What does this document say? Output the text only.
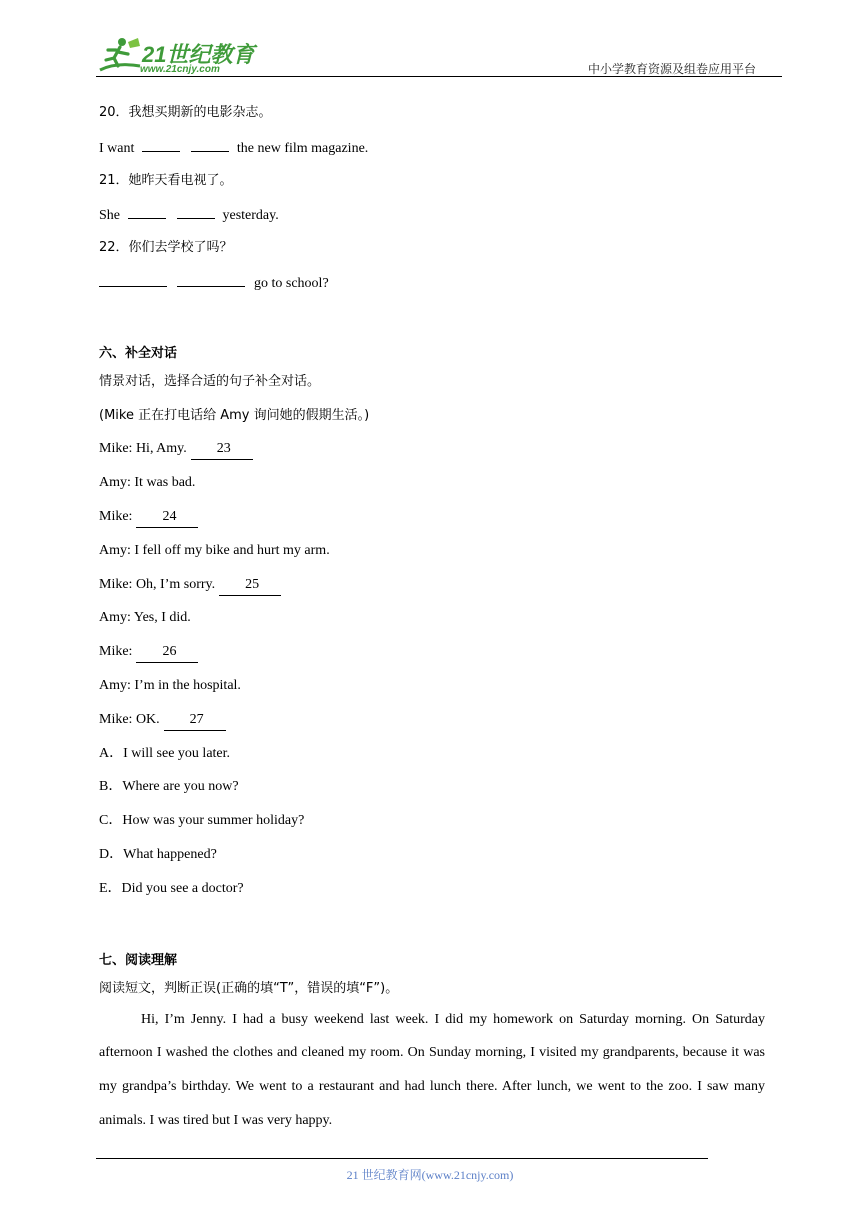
21世纪教育
www.21cnjy.com	中小学教育资源及组卷应用平台
20．我想买期新的电影杂志。
I want	the new film magazine.
21．她昨天看电视了。
She	yesterday.
22．你们去学校了吗？
go to school?
六、补全对话
情景对话，选择合适的句子补全对话。
(Mike 正在打电话给 Amy 询问她的假期生活。)
Mike: Hi, Amy. 23
Amy: It was bad.
Mike: 24
Amy: I fell off my bike and hurt my arm.
Mike: Oh, I’m sorry. 25
Amy: Yes, I did.
Mike: 26
Amy: I’m in the hospital.
Mike: OK. 27
A．I will see you later.
B．Where are you now?
C．How was your summer holiday?
D．What happened?
E．Did you see a doctor?
七、阅读理解
阅读短文，判断正误(正确的填“T”，错误的填“F”)。

Hi, I’m Jenny. I had a busy weekend last week. I did my homework on Saturday morning. On Saturday afternoon I washed the clothes and cleaned my room. On Sunday morning, I visited my grandparents, because it was my grandpa’s birthday. We went to a restaurant and had lunch there. After lunch, we went to the zoo. I saw many animals. I was tired but I was very happy.

21 世纪教育网(www.21cnjy.com)
